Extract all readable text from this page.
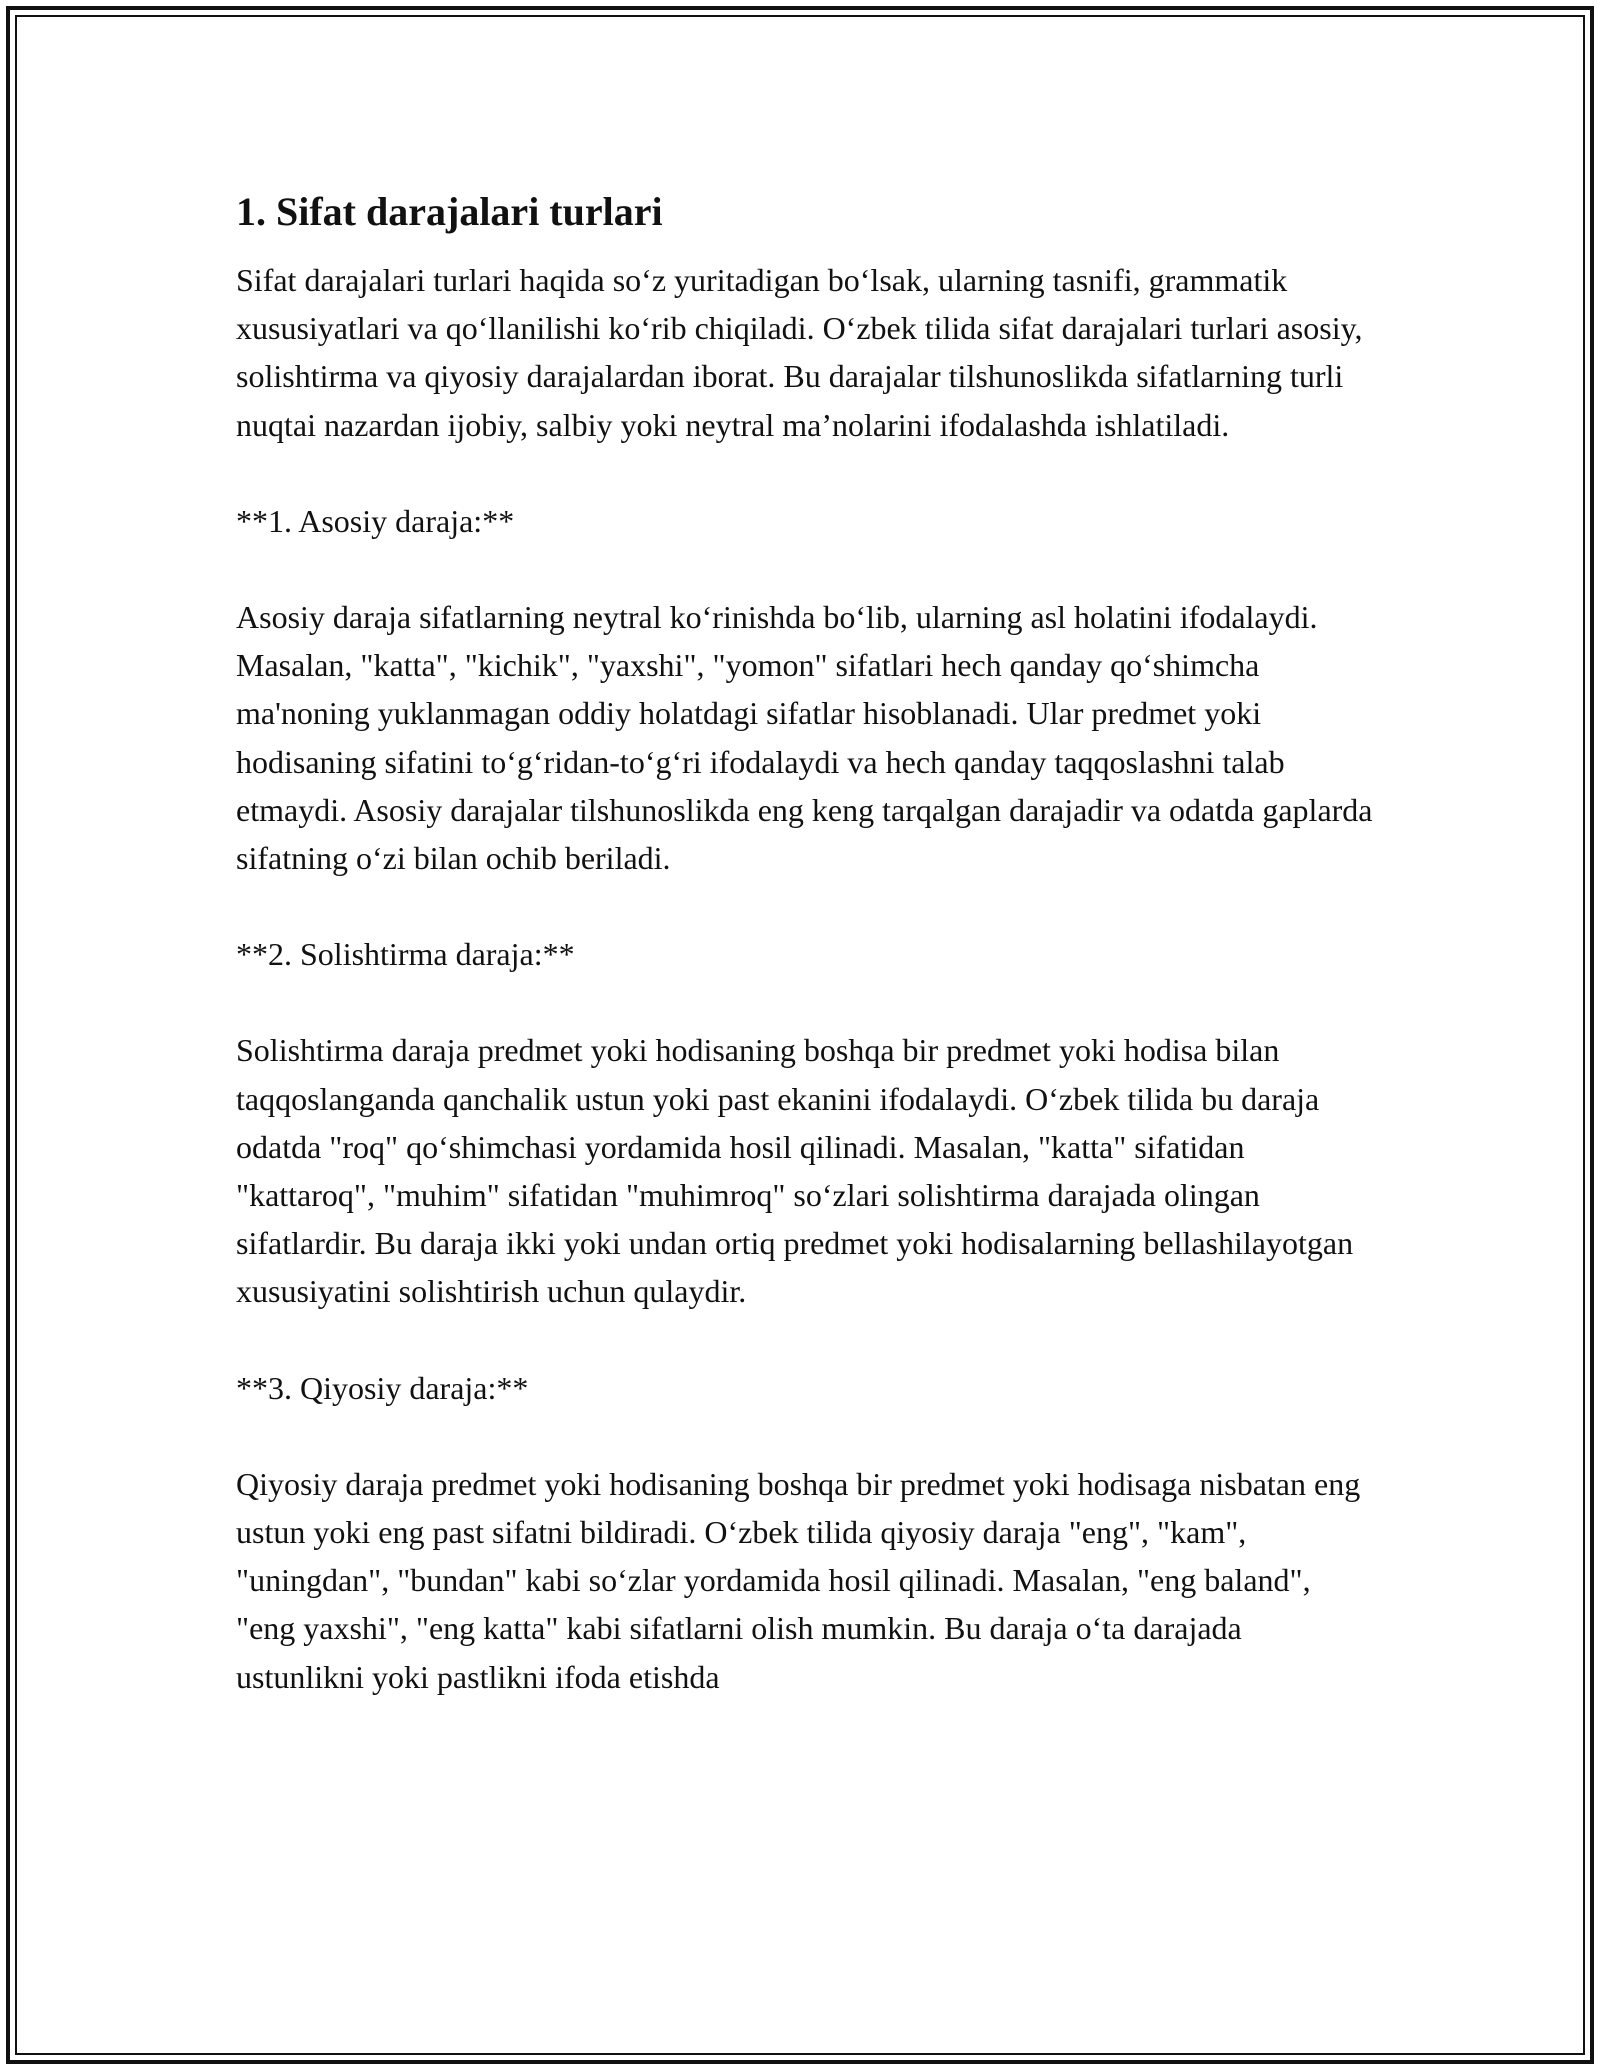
1. Sifat darajalari turlari

Sifat darajalari turlari haqida so‘z yuritadigan bo‘lsak, ularning tasnifi, grammatik xususiyatlari va qo‘llanilishi ko‘rib chiqiladi. O‘zbek tilida sifat darajalari turlari asosiy, solishtirma va qiyosiy darajalardan iborat. Bu darajalar tilshunoslikda sifatlarning turli nuqtai nazardan ijobiy, salbiy yoki neytral ma’nolarini ifodalashda ishlatiladi.

**1. Asosiy daraja:**

Asosiy daraja sifatlarning neytral ko‘rinishda bo‘lib, ularning asl holatini ifodalaydi. Masalan, "katta", "kichik", "yaxshi", "yomon" sifatlari hech qanday qo‘shimcha ma'noning yuklanmagan oddiy holatdagi sifatlar hisoblanadi. Ular predmet yoki hodisaning sifatini to‘g‘ridan-to‘g‘ri ifodalaydi va hech qanday taqqoslashni talab etmaydi. Asosiy darajalar tilshunoslikda eng keng tarqalgan darajadir va odatda gaplarda sifatning o‘zi bilan ochib beriladi.

**2. Solishtirma daraja:**

Solishtirma daraja predmet yoki hodisaning boshqa bir predmet yoki hodisa bilan taqqoslanganda qanchalik ustun yoki past ekanini ifodalaydi. O‘zbek tilida bu daraja odatda "roq" qo‘shimchasi yordamida hosil qilinadi. Masalan, "katta" sifatidan "kattaroq", "muhim" sifatidan "muhimroq" so‘zlari solishtirma darajada olingan sifatlardir. Bu daraja ikki yoki undan ortiq predmet yoki hodisalarning bellashilayotgan xususiyatini solishtirish uchun qulaydir.

**3. Qiyosiy daraja:**

Qiyosiy daraja predmet yoki hodisaning boshqa bir predmet yoki hodisaga nisbatan eng ustun yoki eng past sifatni bildiradi. O‘zbek tilida qiyosiy daraja "eng", "kam", "uningdan", "bundan" kabi so‘zlar yordamida hosil qilinadi. Masalan, "eng baland", "eng yaxshi", "eng katta" kabi sifatlarni olish mumkin. Bu daraja o‘ta darajada ustunlikni yoki pastlikni ifoda etishda
